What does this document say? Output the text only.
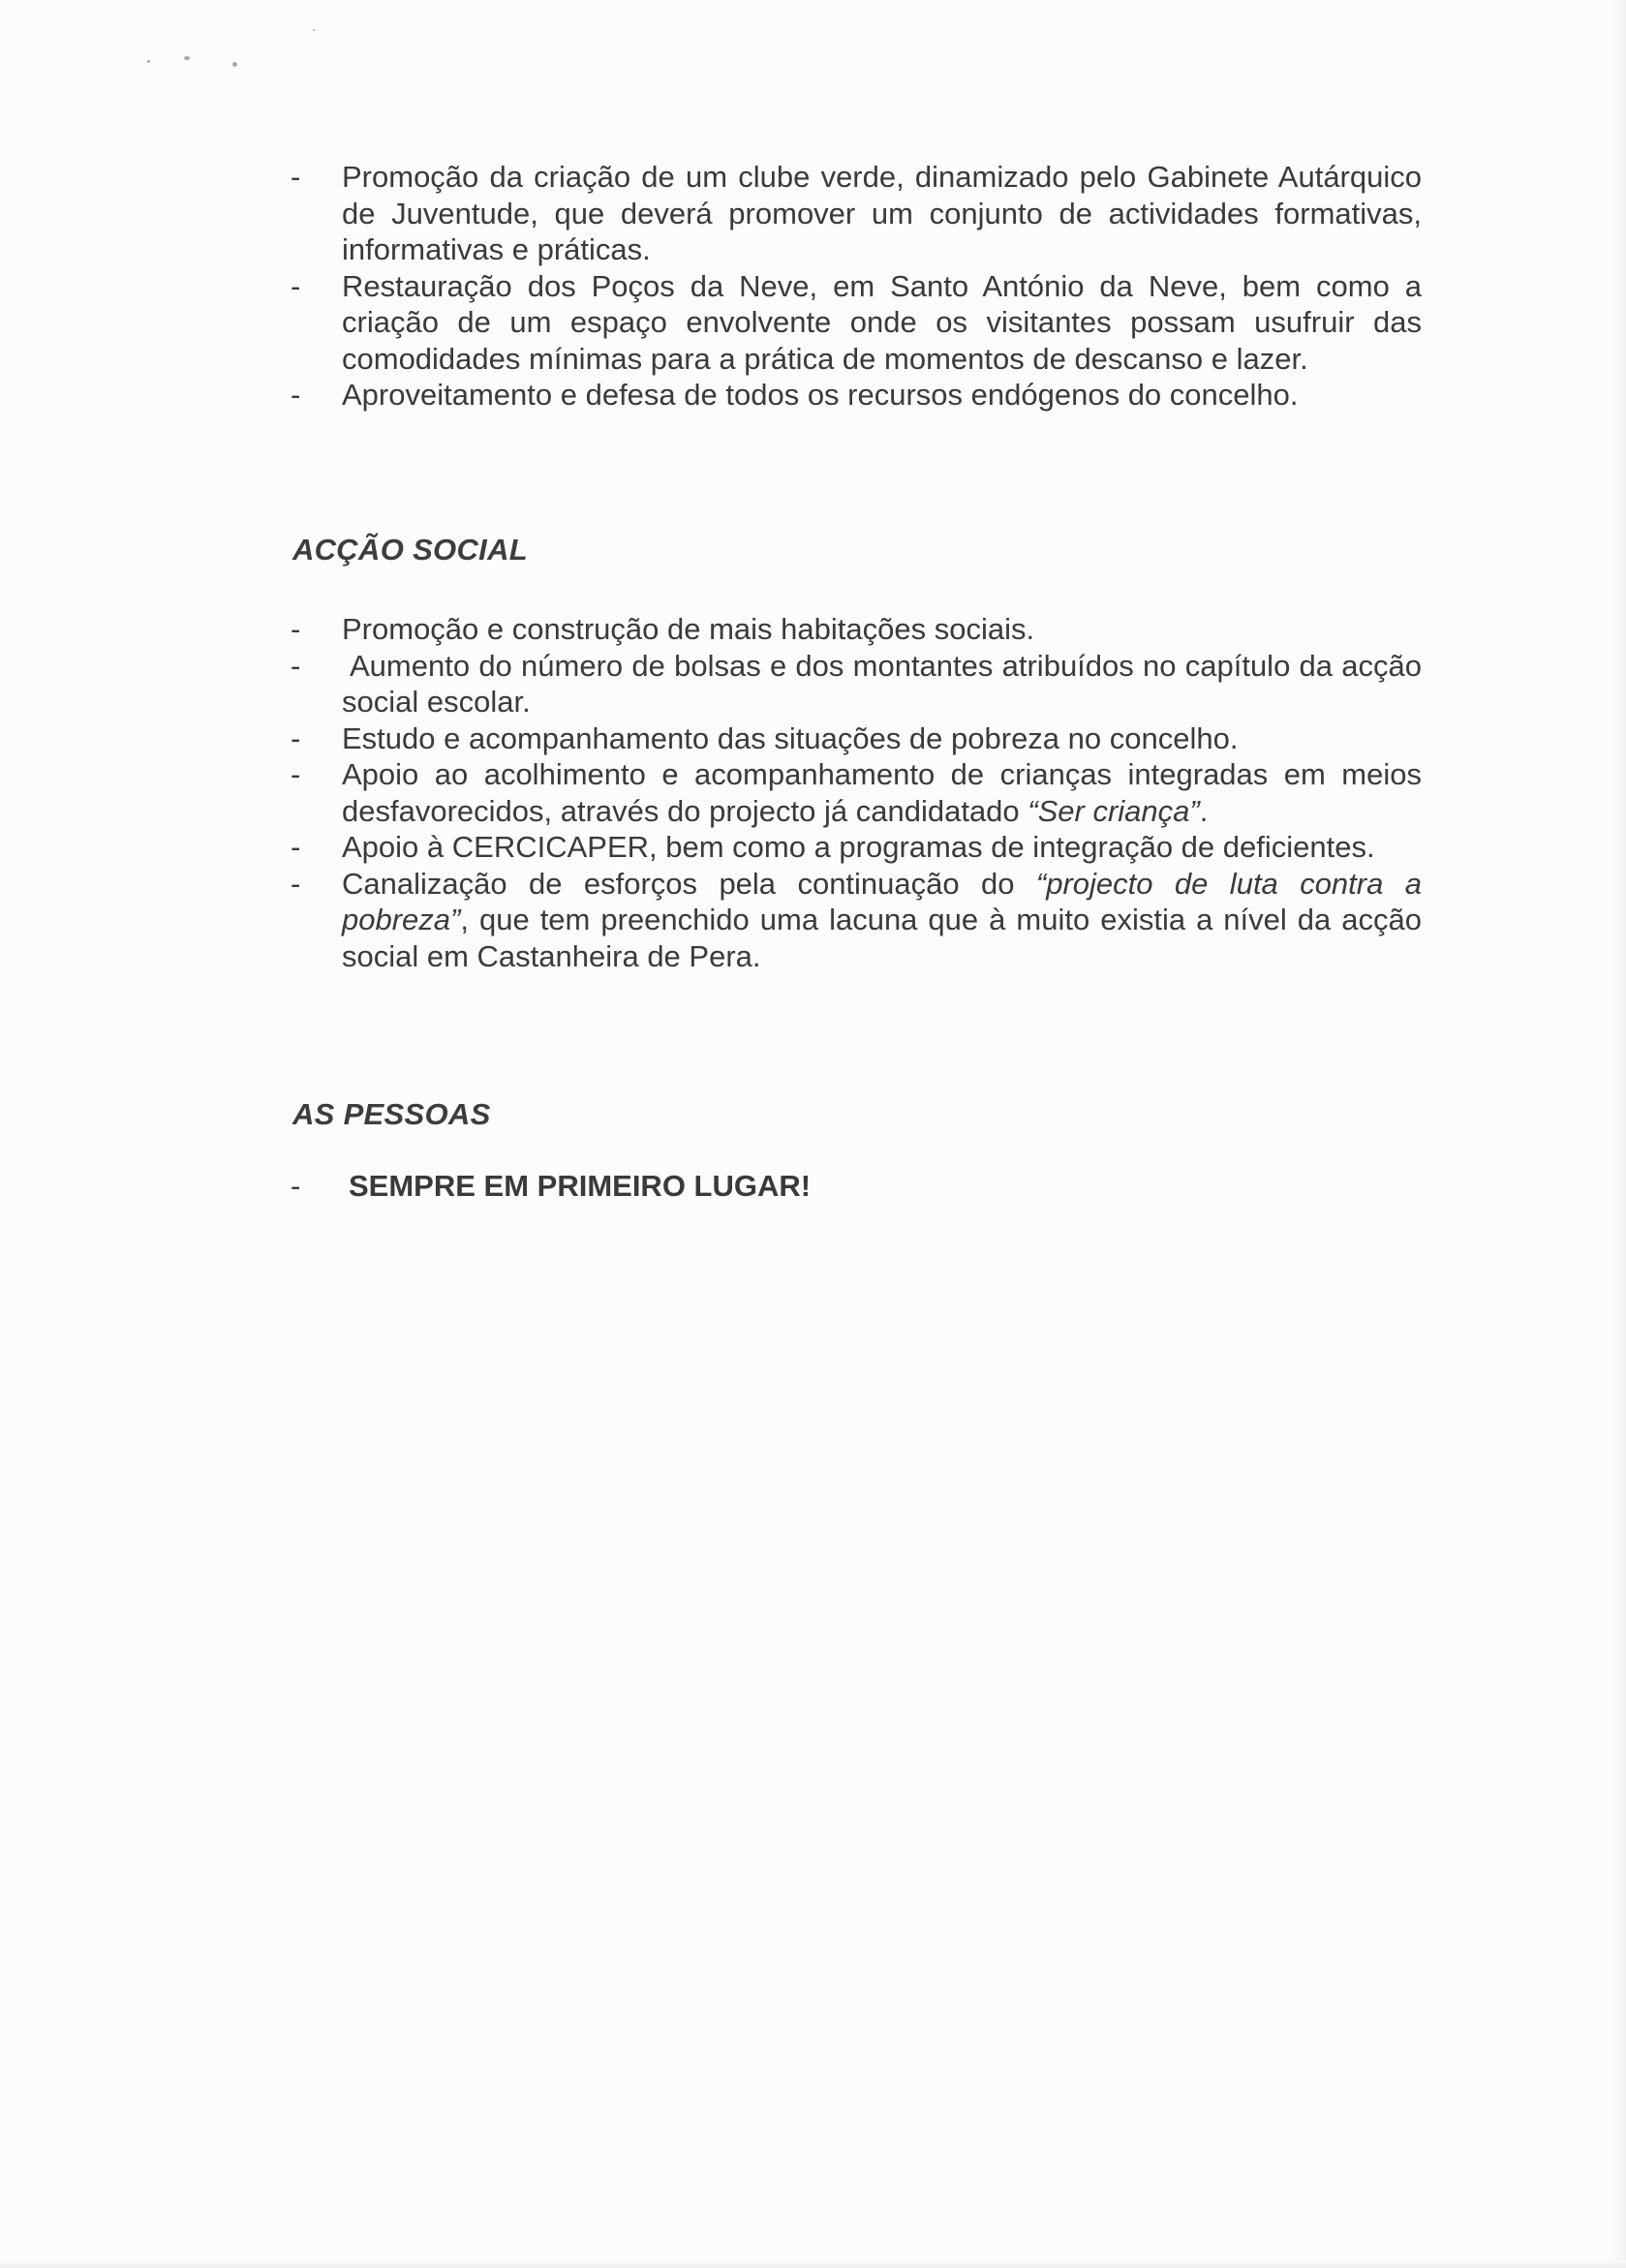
- Promoção da criação de um clube verde, dinamizado pelo Gabinete Autárquico de Juventude, que deverá promover um conjunto de actividades formativas, informativas e práticas.
- Restauração dos Poços da Neve, em Santo António da Neve, bem como a criação de um espaço envolvente onde os visitantes possam usufruir das comodidades mínimas para a prática de momentos de descanso e lazer.
- Aproveitamento e defesa de todos os recursos endógenos do concelho.
ACÇÃO SOCIAL
- Promoção e construção de mais habitações sociais.
- Aumento do número de bolsas e dos montantes atribuídos no capítulo da acção social escolar.
- Estudo e acompanhamento das situações de pobreza no concelho.
- Apoio ao acolhimento e acompanhamento de crianças integradas em meios desfavorecidos, através do projecto já candidatado “Ser criança”.
- Apoio à CERCICAPER, bem como a programas de integração de deficientes.
- Canalização de esforços pela continuação do “projecto de luta contra a pobreza”, que tem preenchido uma lacuna que à muito existia a nível da acção social em Castanheira de Pera.
AS PESSOAS
- SEMPRE EM PRIMEIRO LUGAR!
